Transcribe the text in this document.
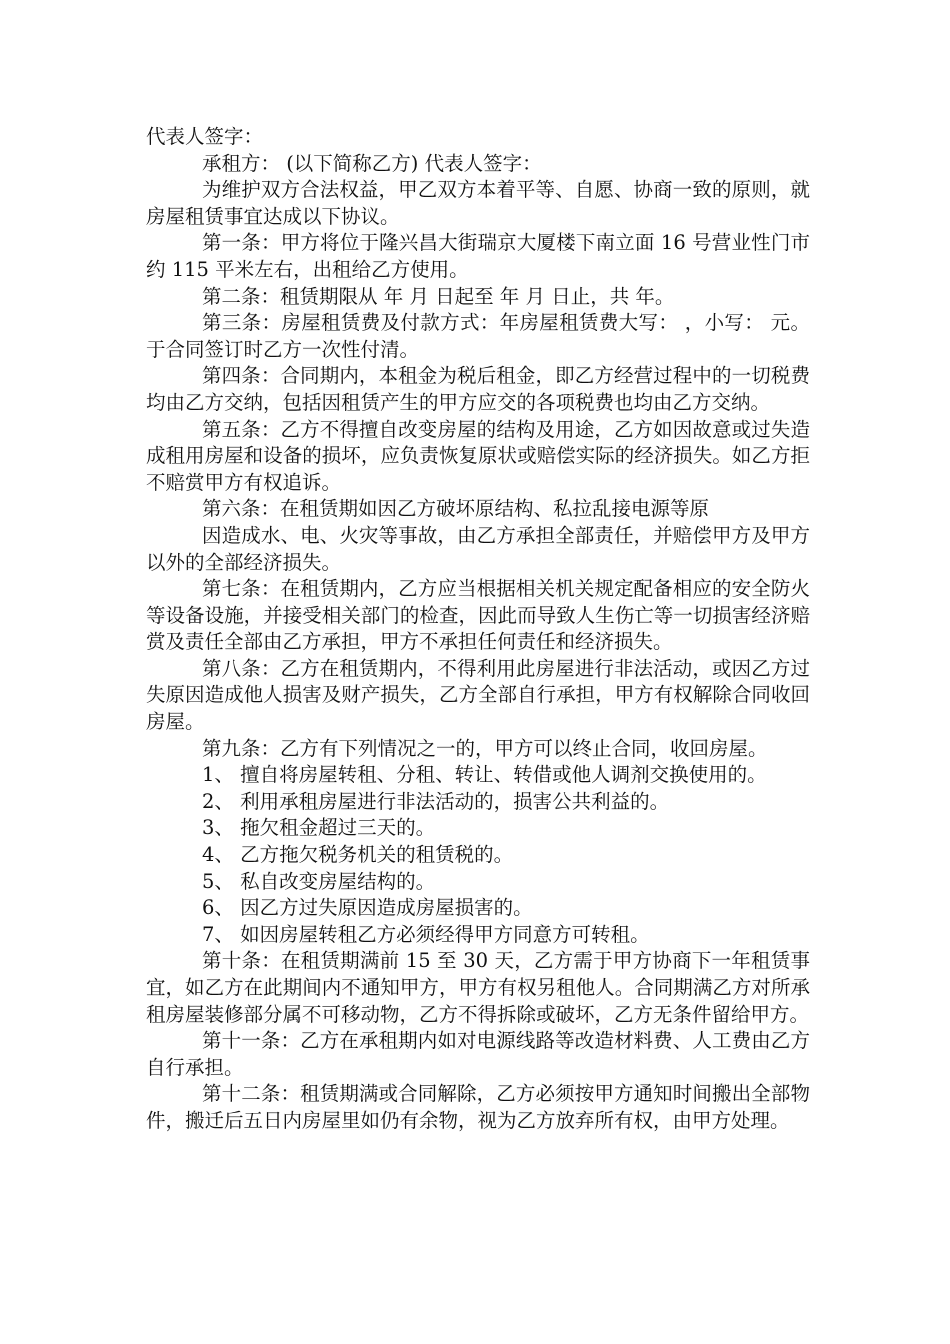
代表人签字：

承租方： (以下简称乙方) 代表人签字：

为维护双方合法权益，甲乙双方本着平等、自愿、协商一致的原则，就房屋租赁事宜达成以下协议。

第一条：甲方将位于隆兴昌大街瑞京大厦楼下南立面 16 号营业性门市约 115 平米左右，出租给乙方使用。

第二条：租赁期限从 年 月 日起至 年 月 日止，共 年。

第三条：房屋租赁费及付款方式：年房屋租赁费大写： ，小写： 元。于合同签订时乙方一次性付清。

第四条：合同期内，本租金为税后租金，即乙方经营过程中的一切税费均由乙方交纳，包括因租赁产生的甲方应交的各项税费也均由乙方交纳。

第五条：乙方不得擅自改变房屋的结构及用途，乙方如因故意或过失造成租用房屋和设备的损坏，应负责恢复原状或赔偿实际的经济损失。如乙方拒不赔赏甲方有权追诉。

第六条：在租赁期如因乙方破坏原结构、私拉乱接电源等原

因造成水、电、火灾等事故，由乙方承担全部责任，并赔偿甲方及甲方以外的全部经济损失。

第七条：在租赁期内，乙方应当根据相关机关规定配备相应的安全防火等设备设施，并接受相关部门的检查，因此而导致人生伤亡等一切损害经济赔赏及责任全部由乙方承担，甲方不承担任何责任和经济损失。

第八条：乙方在租赁期内，不得利用此房屋进行非法活动，或因乙方过失原因造成他人损害及财产损失，乙方全部自行承担，甲方有权解除合同收回房屋。

第九条：乙方有下列情况之一的，甲方可以终止合同，收回房屋。

1、 擅自将房屋转租、分租、转让、转借或他人调剂交换使用的。

2、 利用承租房屋进行非法活动的，损害公共利益的。

3、 拖欠租金超过三天的。

4、 乙方拖欠税务机关的租赁税的。

5、 私自改变房屋结构的。

6、 因乙方过失原因造成房屋损害的。

7、 如因房屋转租乙方必须经得甲方同意方可转租。

第十条：在租赁期满前 15 至 30 天，乙方需于甲方协商下一年租赁事宜，如乙方在此期间内不通知甲方，甲方有权另租他人。合同期满乙方对所承租房屋装修部分属不可移动物，乙方不得拆除或破坏，乙方无条件留给甲方。

第十一条：乙方在承租期内如对电源线路等改造材料费、人工费由乙方自行承担。

第十二条：租赁期满或合同解除，乙方必须按甲方通知时间搬出全部物件，搬迁后五日内房屋里如仍有余物，视为乙方放弃所有权，由甲方处理。
